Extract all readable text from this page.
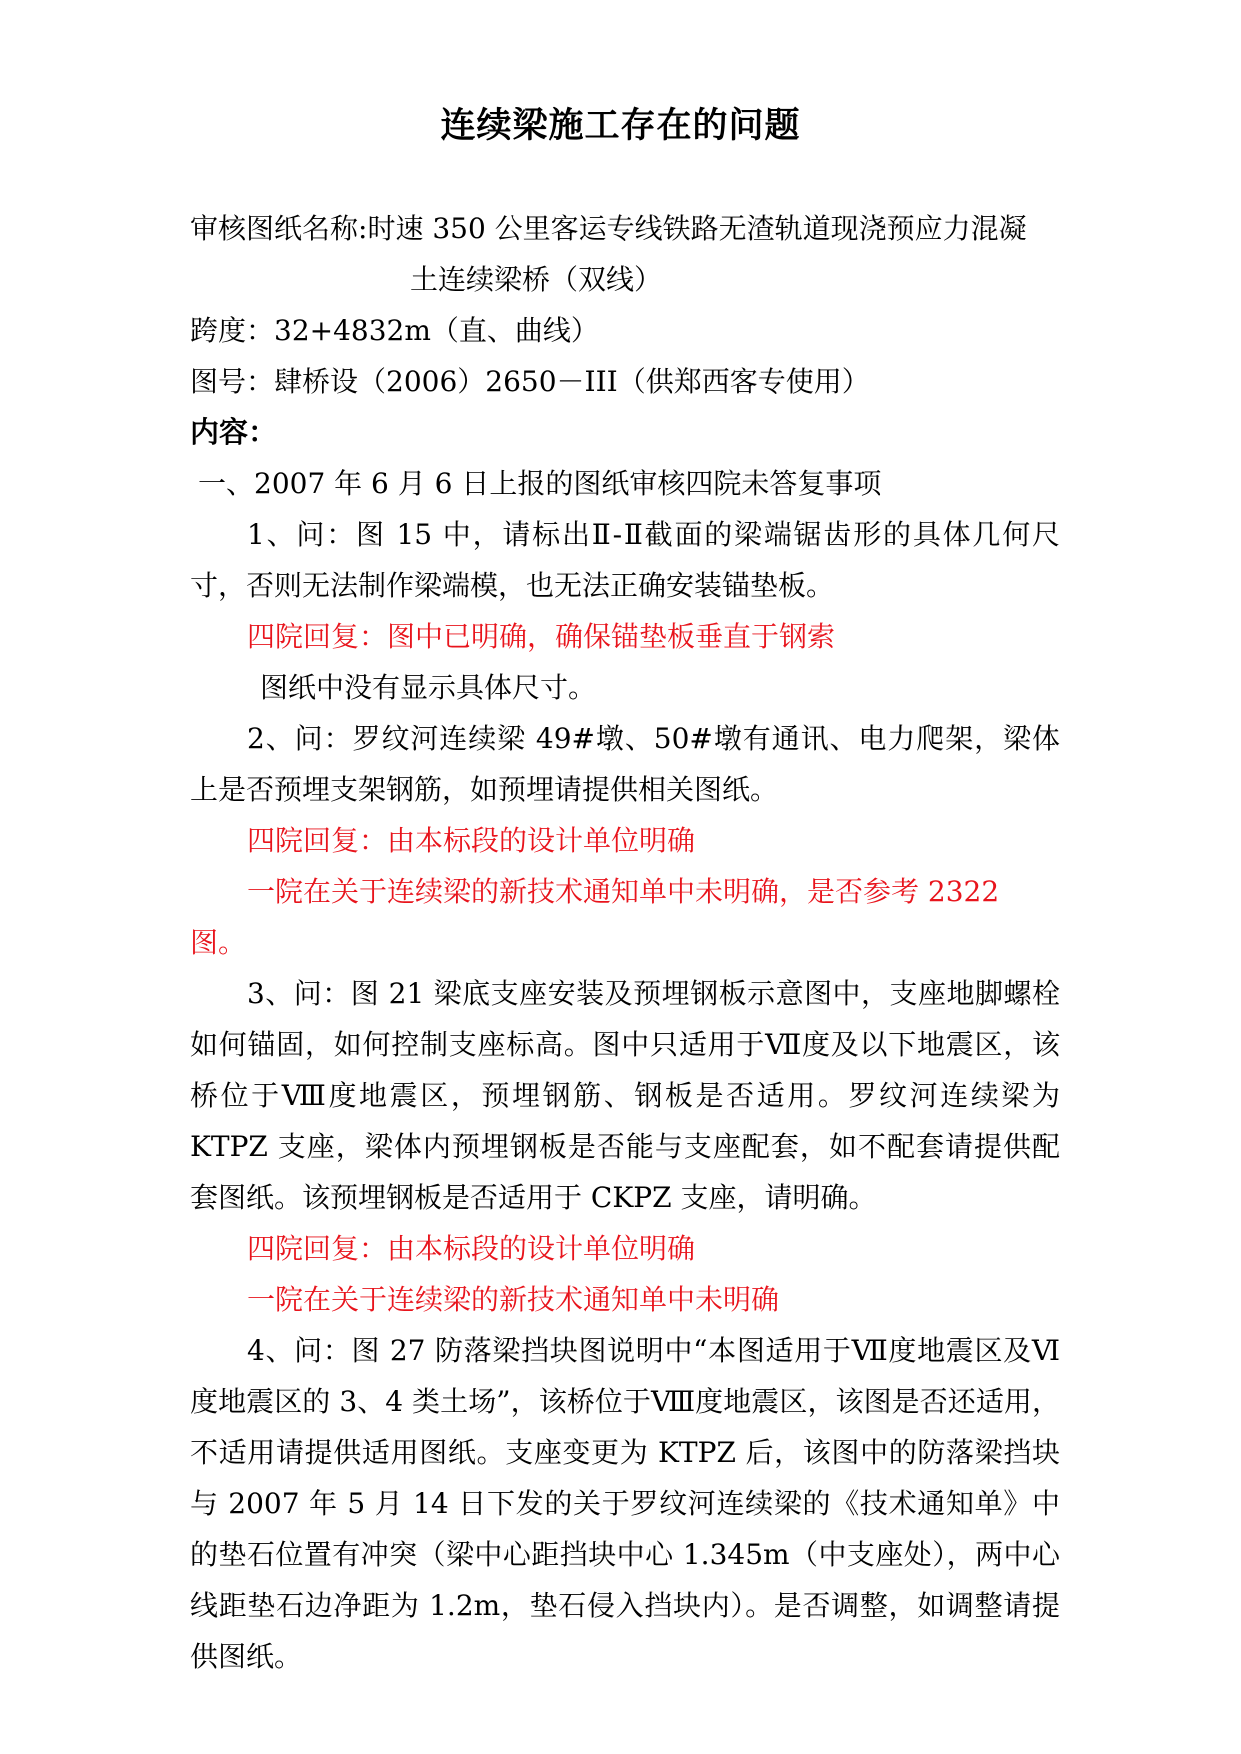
连续梁施工存在的问题

审核图纸名称:时速 350 公里客运专线铁路无渣轨道现浇预应力混凝

土连续梁桥（双线）

跨度：32+4832m（直、曲线）

图号：肆桥设（2006）2650－III（供郑西客专使用）

内容：

一、2007 年 6 月 6 日上报的图纸审核四院未答复事项

1、问：图 15 中，请标出Ⅱ-Ⅱ截面的梁端锯齿形的具体几何尺寸，否则无法制作梁端模，也无法正确安装锚垫板。

四院回复：图中已明确，确保锚垫板垂直于钢索

图纸中没有显示具体尺寸。

2、问：罗纹河连续梁 49#墩、50#墩有通讯、电力爬架，梁体上是否预埋支架钢筋，如预埋请提供相关图纸。

四院回复：由本标段的设计单位明确

一院在关于连续梁的新技术通知单中未明确，是否参考 2322 图。

3、问：图 21 梁底支座安装及预埋钢板示意图中，支座地脚螺栓如何锚固，如何控制支座标高。图中只适用于Ⅶ度及以下地震区，该桥位于Ⅷ度地震区，预埋钢筋、钢板是否适用。罗纹河连续梁为 KTPZ 支座，梁体内预埋钢板是否能与支座配套，如不配套请提供配套图纸。该预埋钢板是否适用于 CKPZ 支座，请明确。

四院回复：由本标段的设计单位明确

一院在关于连续梁的新技术通知单中未明确

4、问：图 27 防落梁挡块图说明中“本图适用于Ⅶ度地震区及Ⅵ度地震区的 3、4 类土场”，该桥位于Ⅷ度地震区，该图是否还适用，不适用请提供适用图纸。支座变更为 KTPZ 后，该图中的防落梁挡块与 2007 年 5 月 14 日下发的关于罗纹河连续梁的《技术通知单》中的垫石位置有冲突（梁中心距挡块中心 1.345m（中支座处），两中心线距垫石边净距为 1.2m，垫石侵入挡块内）。是否调整，如调整请提供图纸。
